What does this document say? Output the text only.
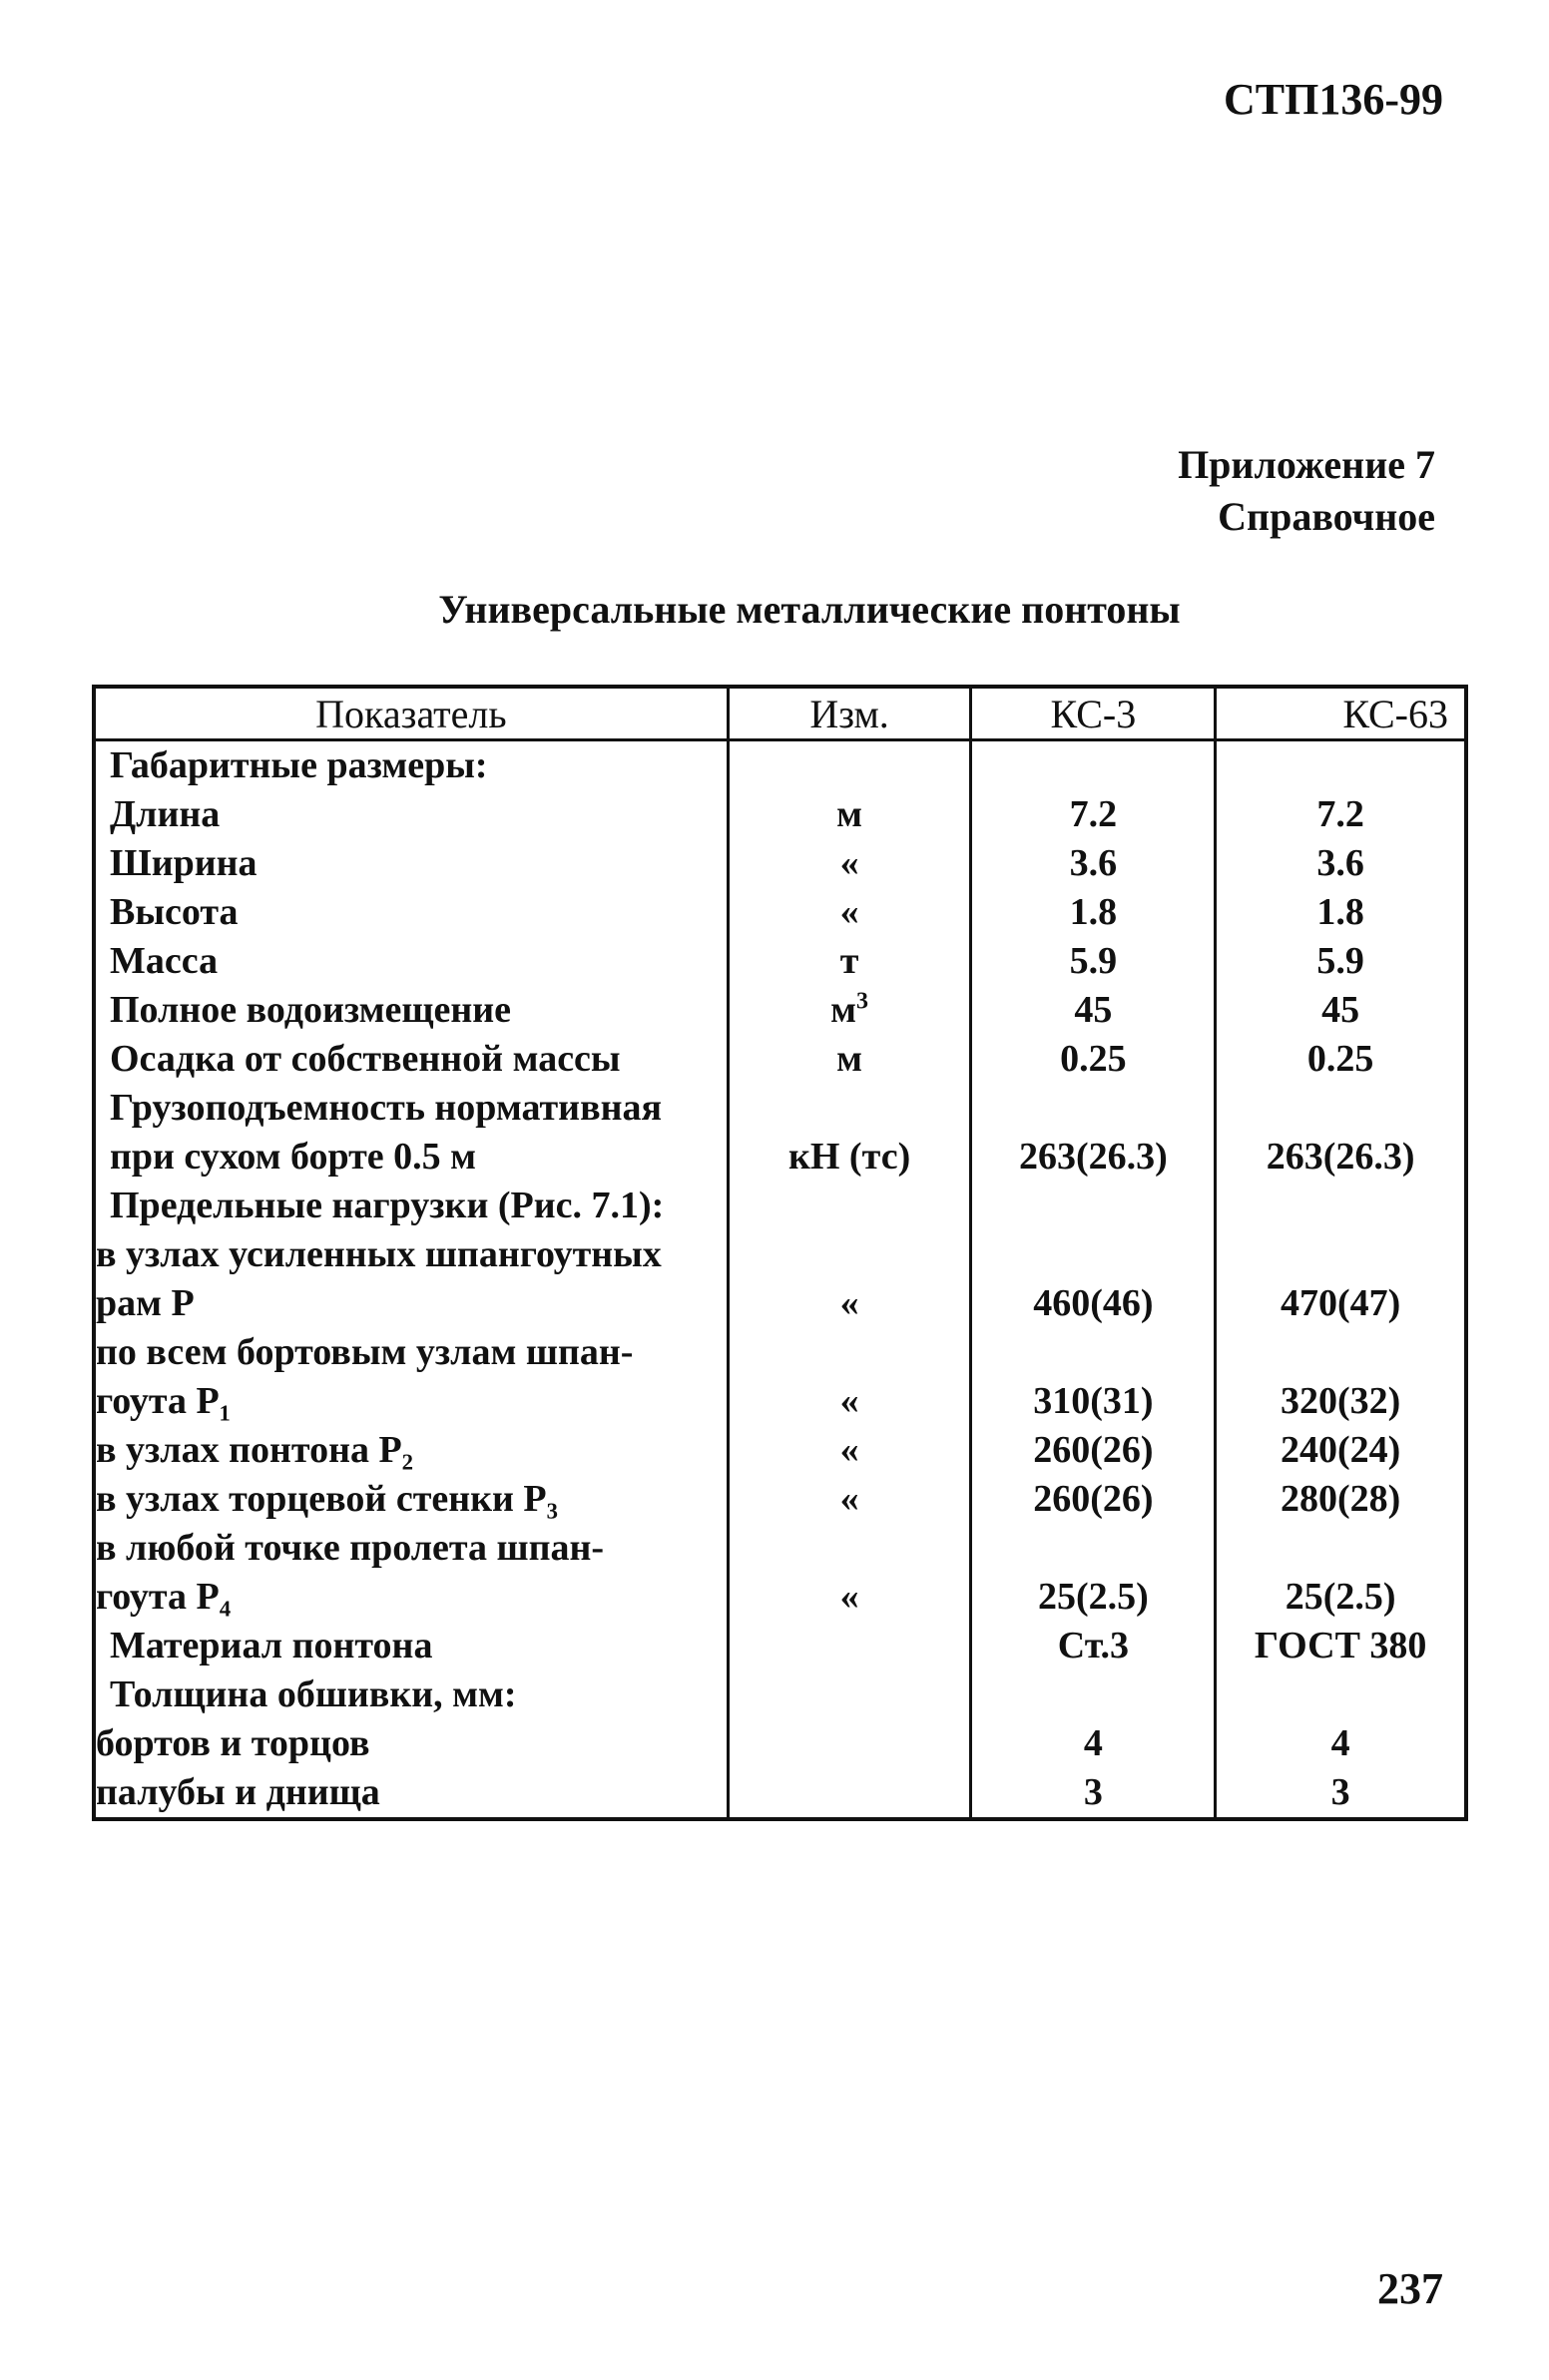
СТП136-99
Приложение 7
Справочное
Универсальные металлические понтоны
Показатель	Изм.	КС-3	КС-63
Габаритные размеры:			
Длина	м	7.2	7.2
Ширина	«	3.6	3.6
Высота	«	1.8	1.8
Масса	т	5.9	5.9
Полное водоизмещение	$м^3$	45	45
Осадка от собственной массы	м	0.25	0.25
Грузоподъемность нормативная			
при сухом борте 0.5 м	кН (тс)	263(26.3)	263(26.3)
Предельные нагрузки (Рис. 7.1):			
в узлах усиленных шпангоутных			
рам Р	«	460(46)	470(47)
по всем бортовым узлам шпан-			
гоута Р₁	«	310(31)	320(32)
в узлах понтона Р₂	«	260(26)	240(24)
в узлах торцевой стенки Р₃	«	260(26)	280(28)
в любой точке пролета шпан-			
гоута Р₄	«	25(2.5)	25(2.5)
Материал понтона		Ст.3	ГОСТ 380
Толщина обшивки, мм:			
бортов и торцов		4	4
палубы и днища		3	3
237
